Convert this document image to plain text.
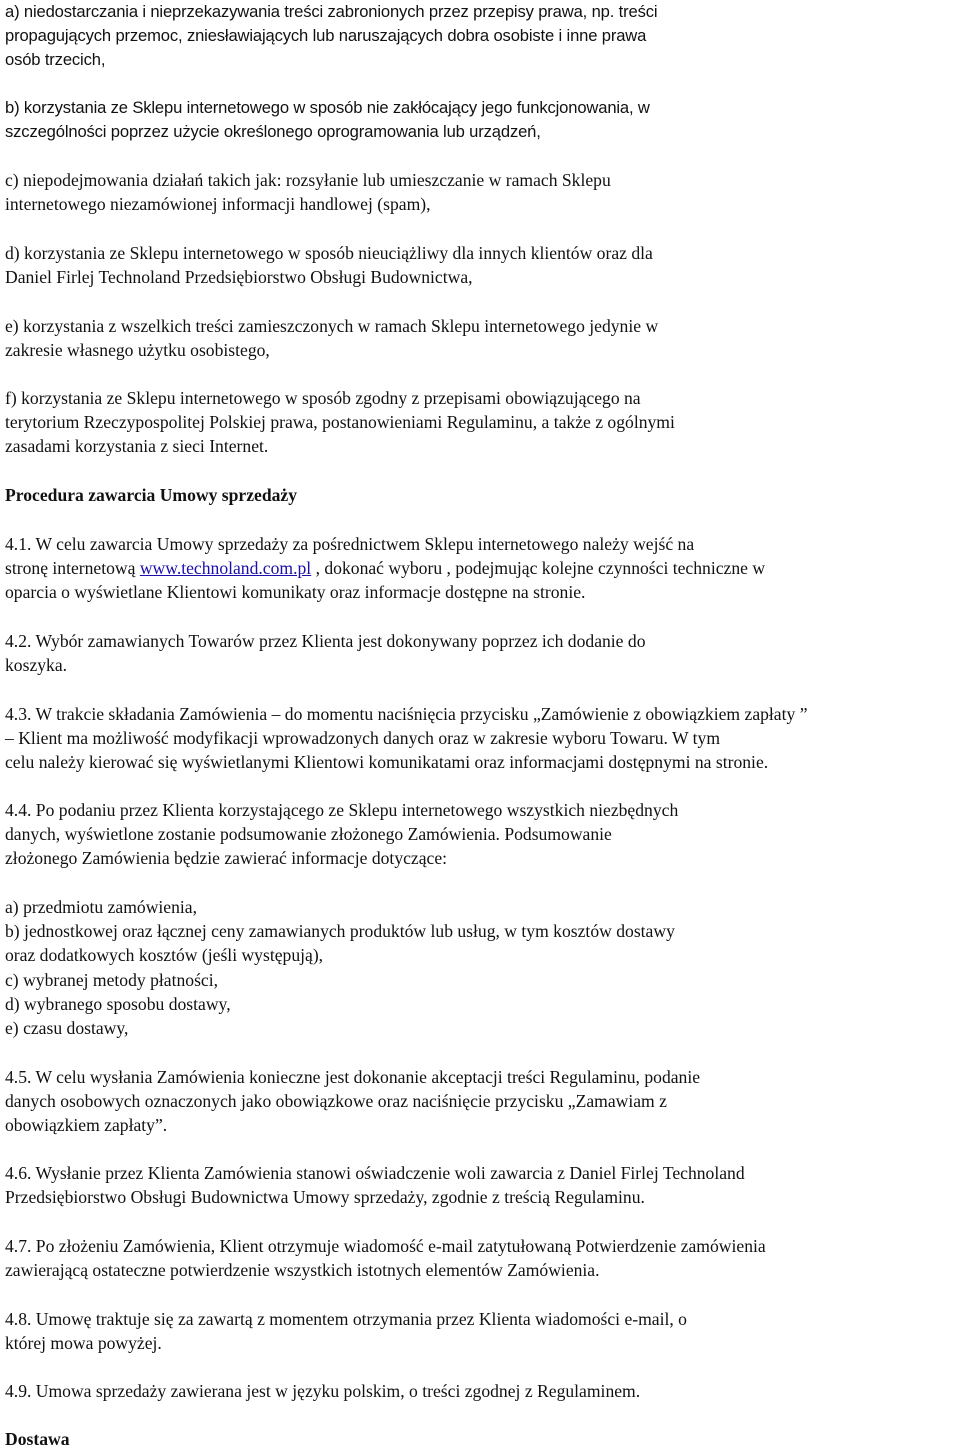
a) niedostarczania i nieprzekazywania treści zabronionych przez przepisy prawa, np. treści
propagujących przemoc, zniesławiających lub naruszających dobra osobiste i inne prawa
osób trzecich,

b) korzystania ze Sklepu internetowego w sposób nie zakłócający jego funkcjonowania, w
szczególności poprzez użycie określonego oprogramowania lub urządzeń,

c) niepodejmowania działań takich jak: rozsyłanie lub umieszczanie w ramach Sklepu
internetowego niezamówionej informacji handlowej (spam),

d) korzystania ze Sklepu internetowego w sposób nieuciążliwy dla innych klientów oraz dla
Daniel Firlej Technoland Przedsiębiorstwo Obsługi Budownictwa,

e) korzystania z wszelkich treści zamieszczonych w ramach Sklepu internetowego jedynie w
zakresie własnego użytku osobistego,

f) korzystania ze Sklepu internetowego w sposób zgodny z przepisami obowiązującego na
terytorium Rzeczypospolitej Polskiej prawa, postanowieniami Regulaminu, a także z ogólnymi
zasadami korzystania z sieci Internet.

Procedura zawarcia Umowy sprzedaży

4.1. W celu zawarcia Umowy sprzedaży za pośrednictwem Sklepu internetowego należy wejść na
stronę internetową www.technoland.com.pl , dokonać wyboru , podejmując kolejne czynności techniczne w
oparcia o wyświetlane Klientowi komunikaty oraz informacje dostępne na stronie.

4.2. Wybór zamawianych Towarów przez Klienta jest dokonywany poprzez ich dodanie do
koszyka.

4.3. W trakcie składania Zamówienia – do momentu naciśnięcia przycisku „Zamówienie z obowiązkiem zapłaty ”
– Klient ma możliwość modyfikacji wprowadzonych danych oraz w zakresie wyboru Towaru. W tym
celu należy kierować się wyświetlanymi Klientowi komunikatami oraz informacjami dostępnymi na stronie.

4.4. Po podaniu przez Klienta korzystającego ze Sklepu internetowego wszystkich niezbędnych
danych, wyświetlone zostanie podsumowanie złożonego Zamówienia. Podsumowanie
złożonego Zamówienia będzie zawierać informacje dotyczące:

a) przedmiotu zamówienia,
b) jednostkowej oraz łącznej ceny zamawianych produktów lub usług, w tym kosztów dostawy
oraz dodatkowych kosztów (jeśli występują),
c) wybranej metody płatności,
d) wybranego sposobu dostawy,
e) czasu dostawy,

4.5. W celu wysłania Zamówienia konieczne jest dokonanie akceptacji treści Regulaminu, podanie
danych osobowych oznaczonych jako obowiązkowe oraz naciśnięcie przycisku „Zamawiam z
obowiązkiem zapłaty”.

4.6. Wysłanie przez Klienta Zamówienia stanowi oświadczenie woli zawarcia z Daniel Firlej Technoland
Przedsiębiorstwo Obsługi Budownictwa Umowy sprzedaży, zgodnie z treścią Regulaminu.

4.7. Po złożeniu Zamówienia, Klient otrzymuje wiadomość e-mail zatytułowaną Potwierdzenie zamówienia
zawierającą ostateczne potwierdzenie wszystkich istotnych elementów Zamówienia.

4.8. Umowę traktuje się za zawartą z momentem otrzymania przez Klienta wiadomości e-mail, o
której mowa powyżej.

4.9. Umowa sprzedaży zawierana jest w języku polskim, o treści zgodnej z Regulaminem.

Dostawa
